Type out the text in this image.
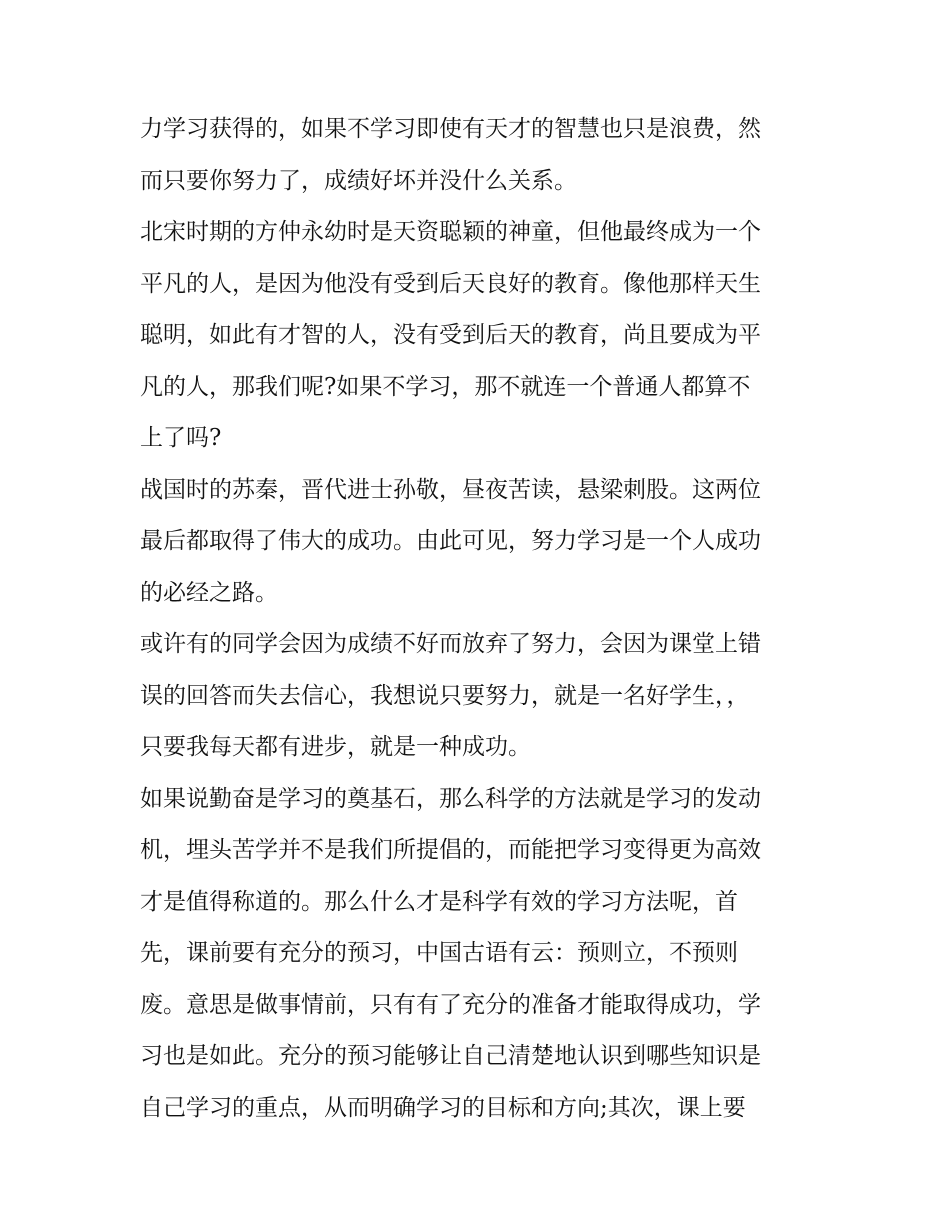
力学习获得的，如果不学习即使有天才的智慧也只是浪费，然
而只要你努力了，成绩好坏并没什么关系。
北宋时期的方仲永幼时是天资聪颖的神童，但他最终成为一个
平凡的人，是因为他没有受到后天良好的教育。像他那样天生
聪明，如此有才智的人，没有受到后天的教育，尚且要成为平
凡的人，那我们呢?如果不学习，那不就连一个普通人都算不
上了吗?
战国时的苏秦，晋代进士孙敬，昼夜苦读，悬梁刺股。这两位
最后都取得了伟大的成功。由此可见，努力学习是一个人成功
的必经之路。
或许有的同学会因为成绩不好而放弃了努力，会因为课堂上错
误的回答而失去信心，我想说只要努力，就是一名好学生，，
只要我每天都有进步，就是一种成功。
如果说勤奋是学习的奠基石，那么科学的方法就是学习的发动
机，埋头苦学并不是我们所提倡的，而能把学习变得更为高效
才是值得称道的。那么什么才是科学有效的学习方法呢，首
先，课前要有充分的预习，中国古语有云：预则立，不预则
废。意思是做事情前，只有有了充分的准备才能取得成功，学
习也是如此。充分的预习能够让自己清楚地认识到哪些知识是
自己学习的重点，从而明确学习的目标和方向;其次，课上要
